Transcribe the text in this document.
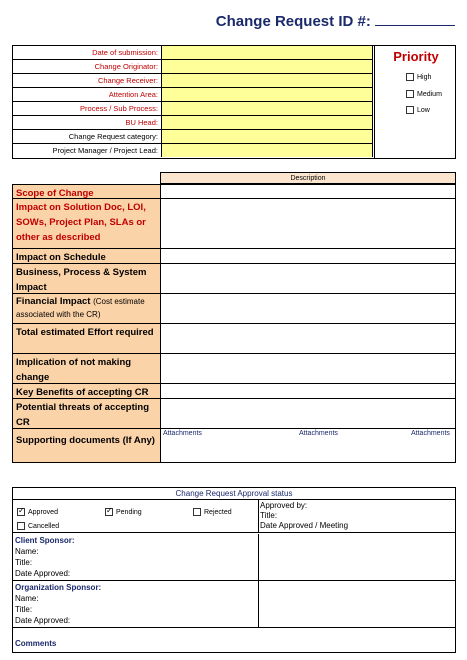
Change Request ID #:
Date of submission:
Change Originator:
Change Receiver:
Attention Area:
Process / Sub Process:
BU Head:
Change Request category:
Project Manager / Project Lead:
Priority
High
Medium
Low
Description
Scope of Change
Impact on Solution Doc, LOI, SOWs, Project Plan, SLAs or other as described
Impact on Schedule
Business, Process & System Impact
Financial Impact (Cost estimate associated with the CR)
Total estimated Effort required
Implication of not making change
Key Benefits of accepting CR
Potential threats of accepting CR
Supporting documents (If Any)
Attachments	Attachments	Attachments
Change Request Approval status
✓Approved
✓	Pending	Rejected
Cancelled
Approved by:
Title:
Date Approved / Meeting
Client Sponsor:
Name:
Title:
Date Approved:
Organization Sponsor:
Name:
Title:
Date Approved:
Comments
